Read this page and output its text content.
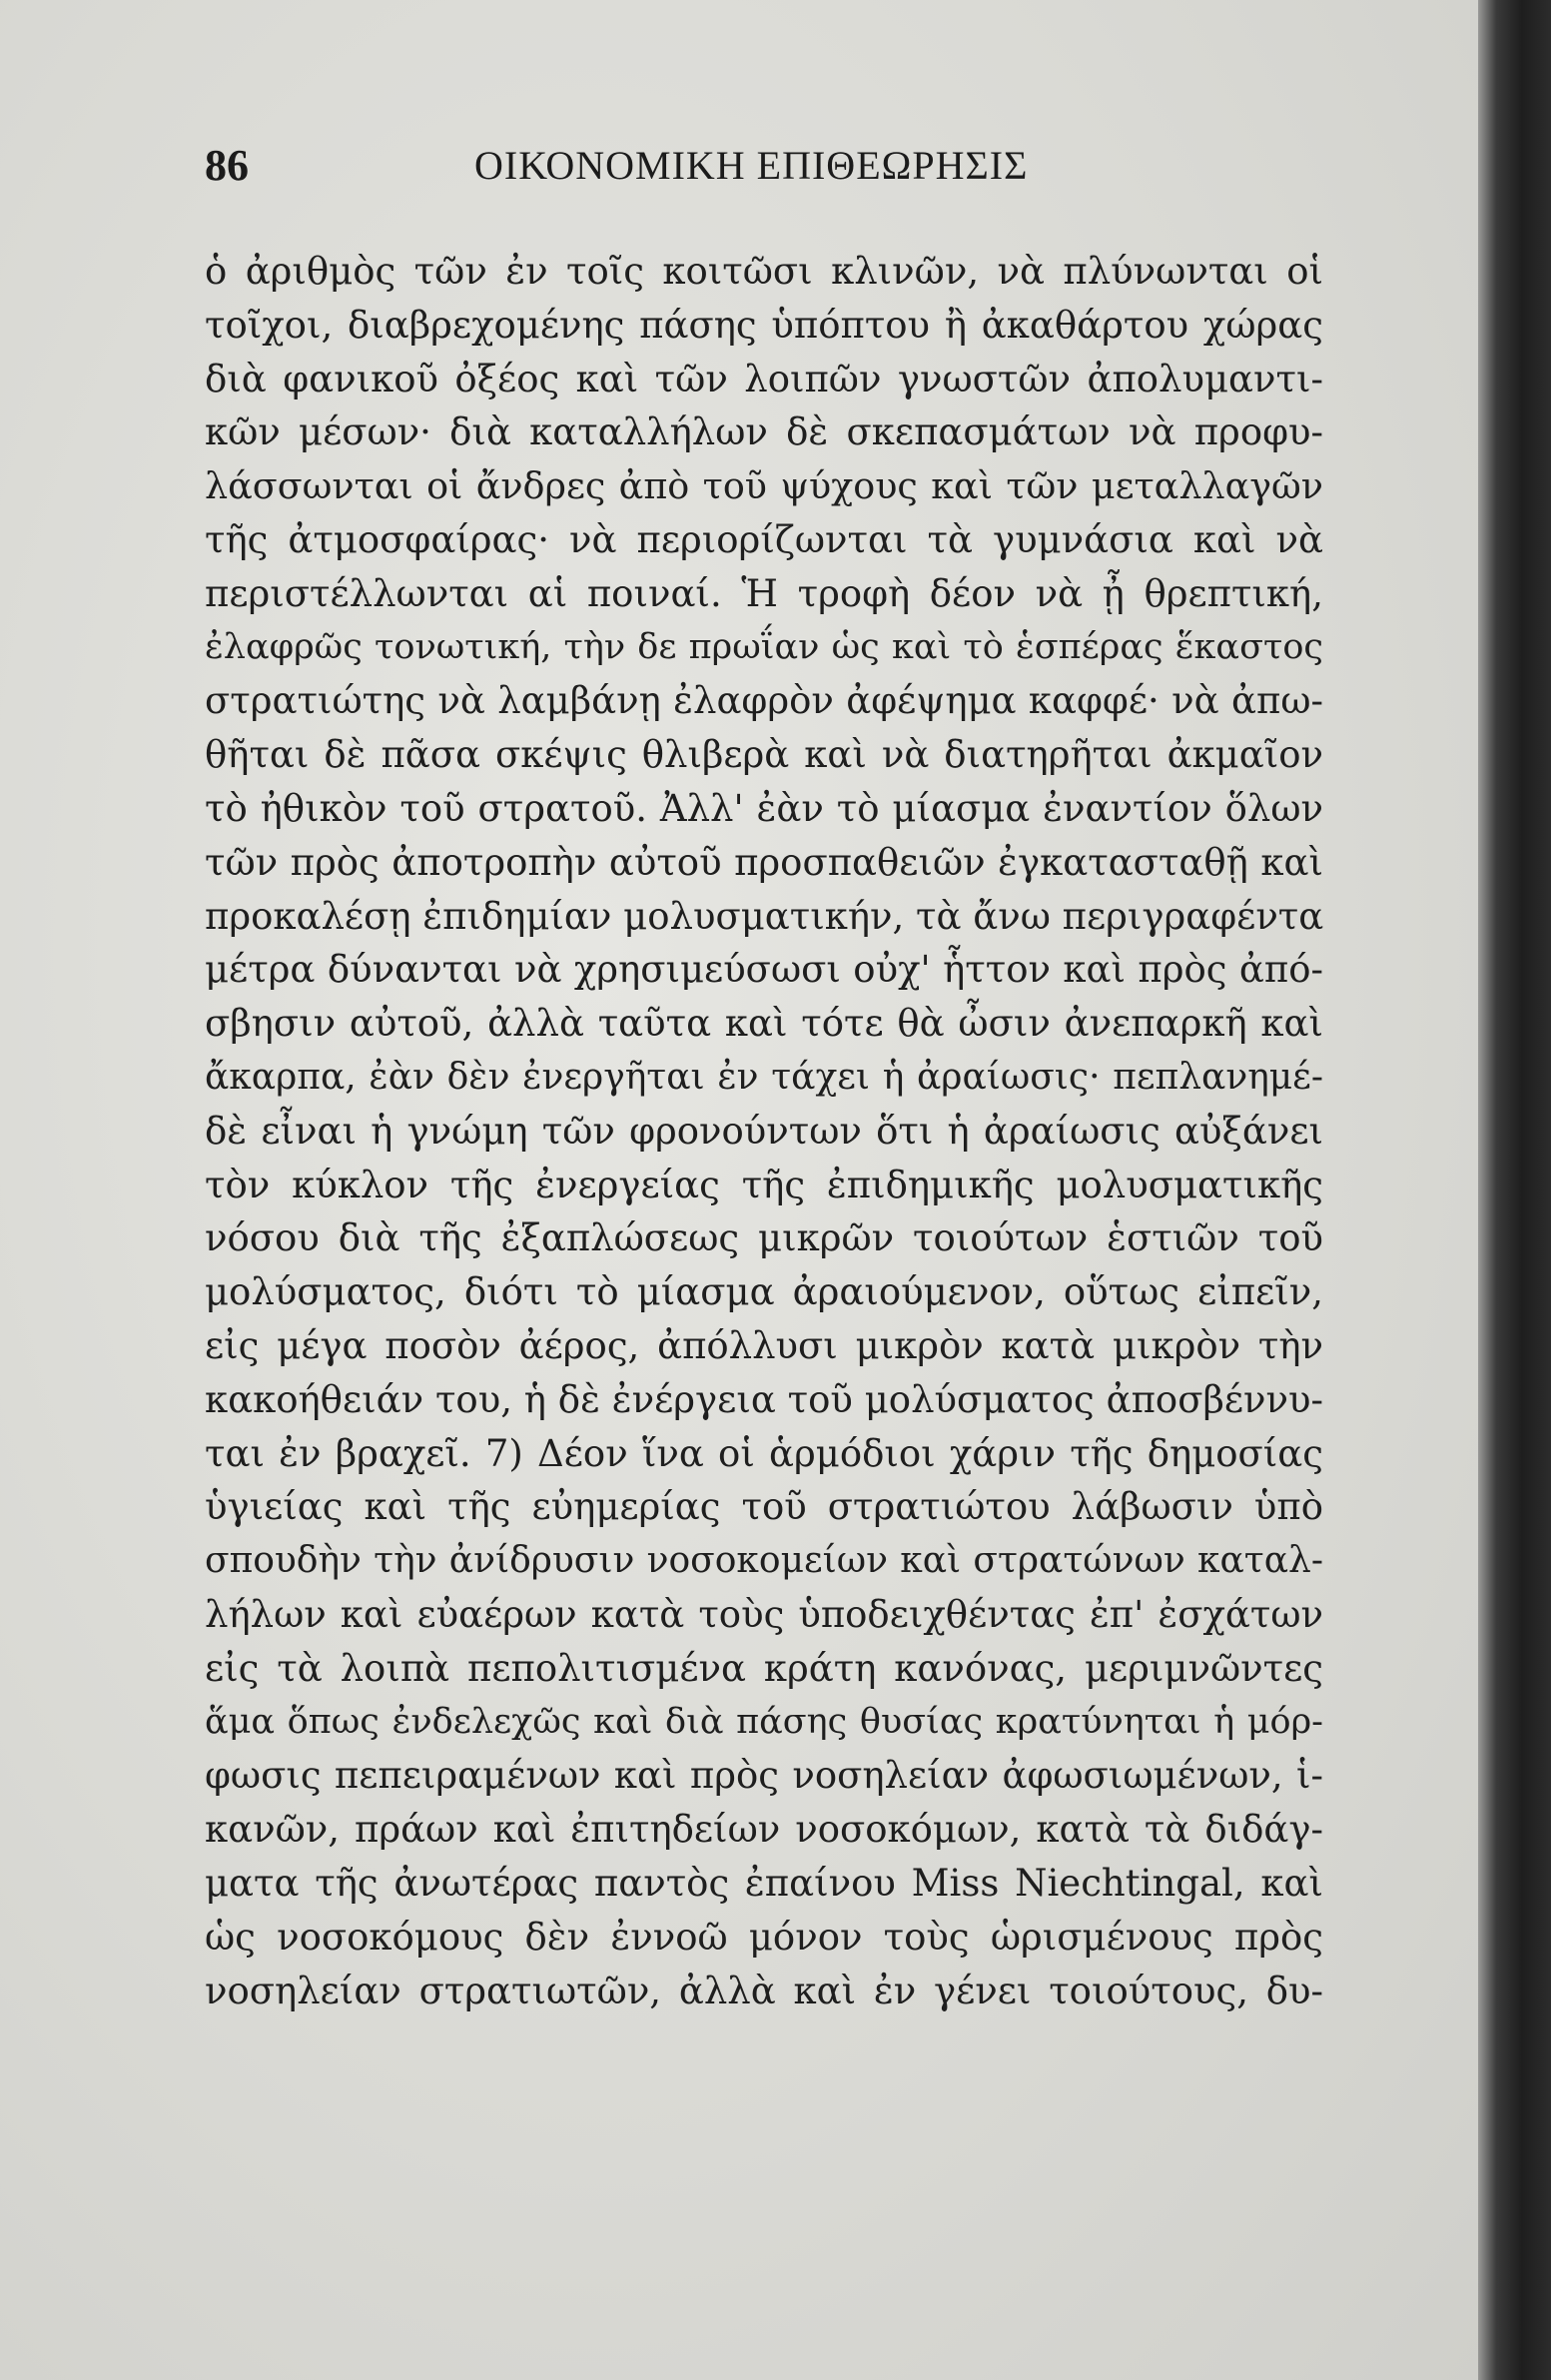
86	ΟΙΚΟΝΟΜΙΚΗ ΕΠΙΘΕΩΡΗΣΙΣ
ὁ ἀριθμὸς τῶν ἐν τοῖς κοιτῶσι κλινῶν, νὰ πλύνωνται οἱ
τοῖχοι, διαβρεχομένης πάσης ὑπόπτου ἢ ἀκαθάρτου χώρας
διὰ φανικοῦ ὀξέος καὶ τῶν λοιπῶν γνωστῶν ἀπολυμαντι-
κῶν μέσων· διὰ καταλλήλων δὲ σκεπασμάτων νὰ προφυ-
λάσσωνται οἱ ἄνδρες ἀπὸ τοῦ ψύχους καὶ τῶν μεταλλαγῶν
τῆς ἀτμοσφαίρας· νὰ περιορίζωνται τὰ γυμνάσια καὶ νὰ
περιστέλλωνται αἱ ποιναί. Ἡ τροφὴ δέον νὰ ᾖ θρεπτική,
ἐλαφρῶς τονωτική, τὴν δε πρωΐαν ὡς καὶ τὸ ἑσπέρας ἕκαστος
στρατιώτης νὰ λαμβάνῃ ἐλαφρὸν ἀφέψημα καφφέ· νὰ ἀπω-
θῆται δὲ πᾶσα σκέψις θλιβερὰ καὶ νὰ διατηρῆται ἀκμαῖον
τὸ ἠθικὸν τοῦ στρατοῦ. Ἀλλ' ἐὰν τὸ μίασμα ἐναντίον ὅλων
τῶν πρὸς ἀποτροπὴν αὐτοῦ προσπαθειῶν ἐγκατασταθῇ καὶ
προκαλέσῃ ἐπιδημίαν μολυσματικήν, τὰ ἄνω περιγραφέντα
μέτρα δύνανται νὰ χρησιμεύσωσι οὐχ' ἧττον καὶ πρὸς ἀπό-
σβησιν αὐτοῦ, ἀλλὰ ταῦτα καὶ τότε θὰ ὦσιν ἀνεπαρκῆ καὶ
ἄκαρπα, ἐὰν δὲν ἐνεργῆται ἐν τάχει ἡ ἀραίωσις· πεπλανημέ-
δὲ εἶναι ἡ γνώμη τῶν φρονούντων ὅτι ἡ ἀραίωσις αὐξάνει
τὸν κύκλον τῆς ἐνεργείας τῆς ἐπιδημικῆς μολυσματικῆς
νόσου διὰ τῆς ἐξαπλώσεως μικρῶν τοιούτων ἑστιῶν τοῦ
μολύσματος, διότι τὸ μίασμα ἀραιούμενον, οὕτως εἰπεῖν,
εἰς μέγα ποσὸν ἀέρος, ἀπόλλυσι μικρὸν κατὰ μικρὸν τὴν
κακοήθειάν του, ἡ δὲ ἐνέργεια τοῦ μολύσματος ἀποσβέννυ-
ται ἐν βραχεῖ. 7) Δέον ἵνα οἱ ἁρμόδιοι χάριν τῆς δημοσίας
ὑγιείας καὶ τῆς εὐημερίας τοῦ στρατιώτου λάβωσιν ὑπὸ
σπουδὴν τὴν ἀνίδρυσιν νοσοκομείων καὶ στρατώνων καταλ-
λήλων καὶ εὐαέρων κατὰ τοὺς ὑποδειχθέντας ἐπ' ἐσχάτων
εἰς τὰ λοιπὰ πεπολιτισμένα κράτη κανόνας, μεριμνῶντες
ἅμα ὅπως ἐνδελεχῶς καὶ διὰ πάσης θυσίας κρατύνηται ἡ μόρ-
φωσις πεπειραμένων καὶ πρὸς νοσηλείαν ἀφωσιωμένων, ἱ-
κανῶν, πράων καὶ ἐπιτηδείων νοσοκόμων, κατὰ τὰ διδάγ-
ματα τῆς ἀνωτέρας παντὸς ἐπαίνου Miss Niechtingal, καὶ
ὡς νοσοκόμους δὲν ἐννοῶ μόνον τοὺς ὡρισμένους πρὸς
νοσηλείαν στρατιωτῶν, ἀλλὰ καὶ ἐν γένει τοιούτους, δυ-
